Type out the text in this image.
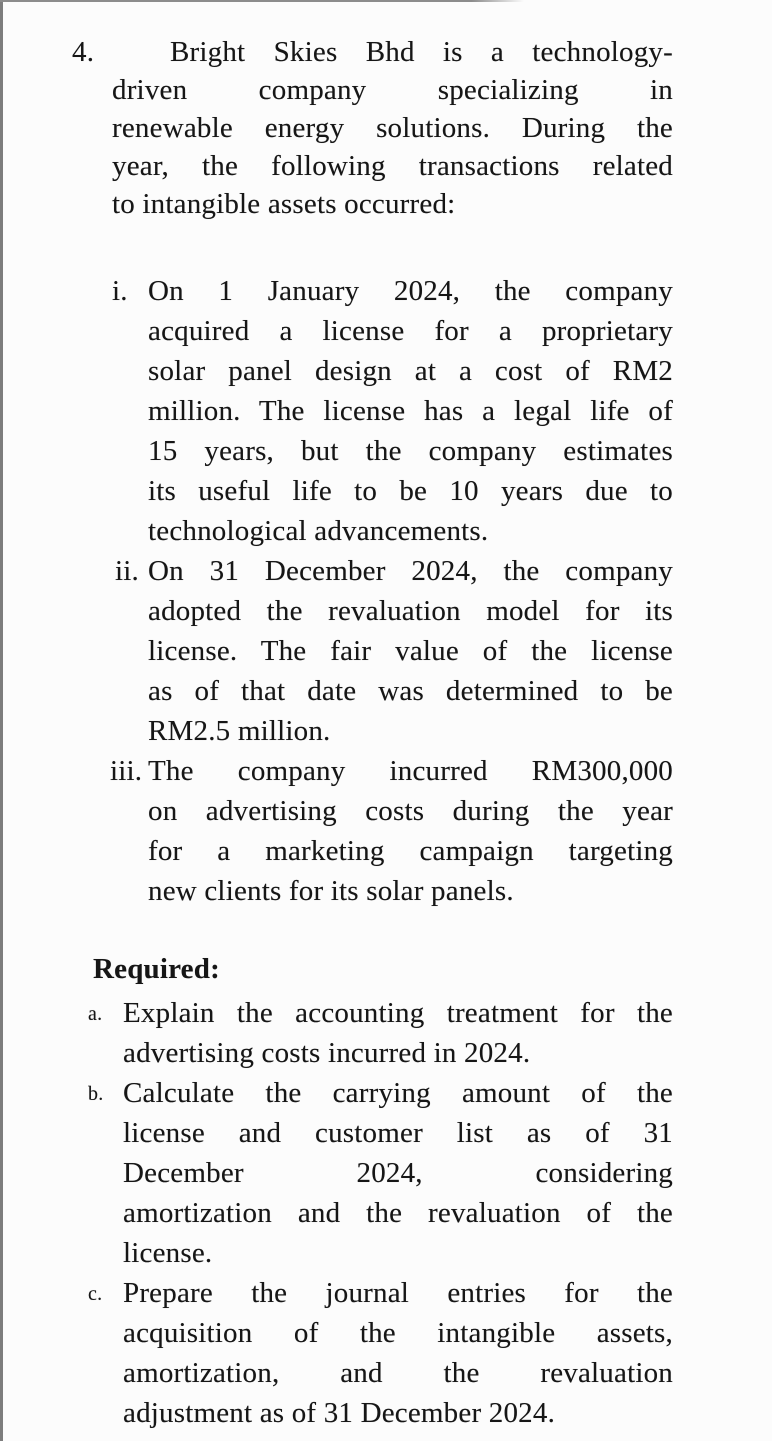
4.	Bright Skies Bhd is a technology-
driven company specializing in
renewable energy solutions. During the
year, the following transactions related
to intangible assets occurred:
i. On 1 January 2024, the company
acquired a license for a proprietary
solar panel design at a cost of RM2
million. The license has a legal life of
15 years, but the company estimates
its useful life to be 10 years due to
technological advancements.
ii. On 31 December 2024, the company
adopted the revaluation model for its
license. The fair value of the license
as of that date was determined to be
RM2.5 million.
iii. The company incurred RM300,000
on advertising costs during the year
for a marketing campaign targeting
new clients for its solar panels.
Required:
a. Explain the accounting treatment for the
advertising costs incurred in 2024.
b. Calculate the carrying amount of the
license and customer list as of 31
December 2024, considering
amortization and the revaluation of the
license.
c. Prepare the journal entries for the
acquisition of the intangible assets,
amortization, and the revaluation
adjustment as of 31 December 2024.
